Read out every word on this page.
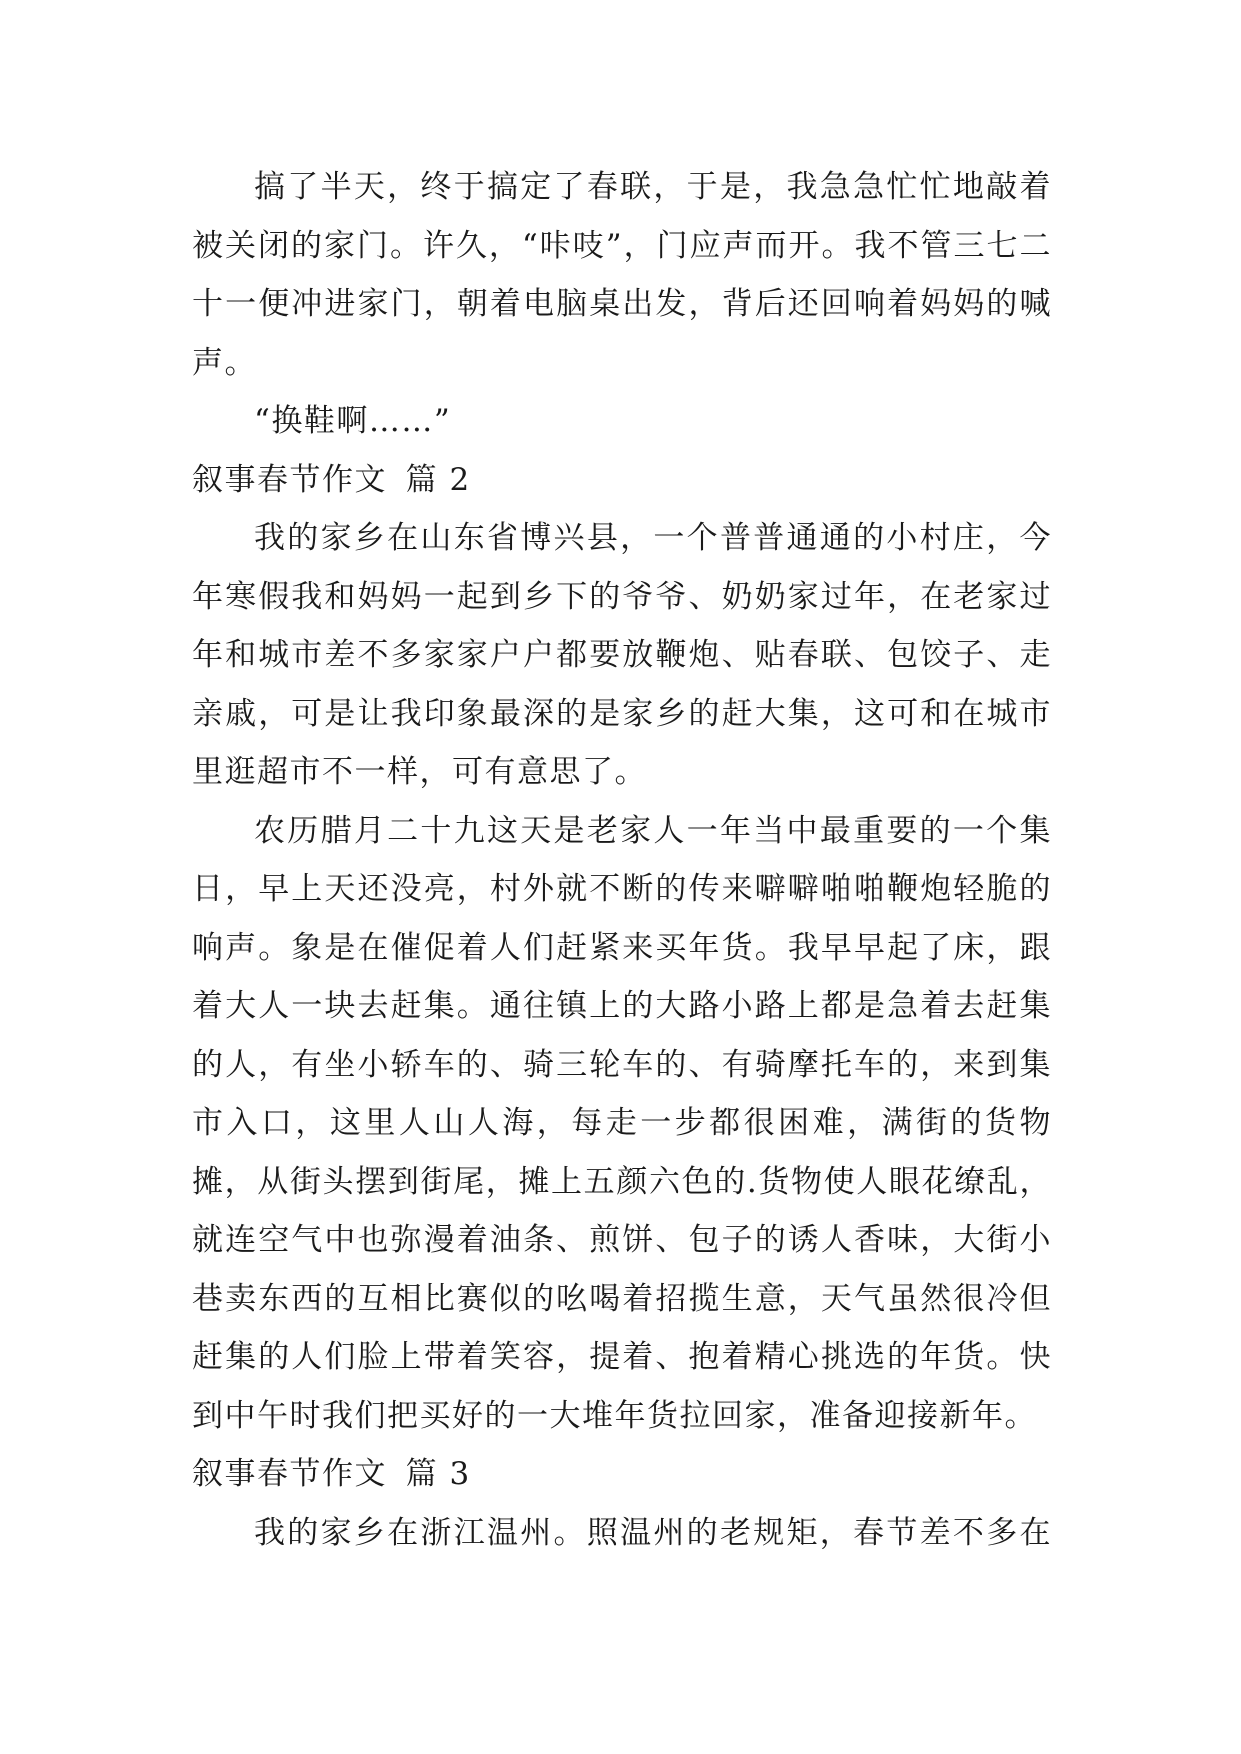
搞了半天，终于搞定了春联，于是，我急急忙忙地敲着被关闭的家门。许久，“咔吱”，门应声而开。我不管三七二十一便冲进家门，朝着电脑桌出发，背后还回响着妈妈的喊声。

“换鞋啊……”

叙事春节作文 篇 2

我的家乡在山东省博兴县，一个普普通通的小村庄，今年寒假我和妈妈一起到乡下的爷爷、奶奶家过年，在老家过年和城市差不多家家户户都要放鞭炮、贴春联、包饺子、走亲戚，可是让我印象最深的是家乡的赶大集，这可和在城市里逛超市不一样，可有意思了。

农历腊月二十九这天是老家人一年当中最重要的一个集日，早上天还没亮，村外就不断的传来噼噼啪啪鞭炮轻脆的响声。象是在催促着人们赶紧来买年货。我早早起了床，跟着大人一块去赶集。通往镇上的大路小路上都是急着去赶集的人，有坐小轿车的、骑三轮车的、有骑摩托车的，来到集市入口，这里人山人海，每走一步都很困难，满街的货物摊，从街头摆到街尾，摊上五颜六色的.货物使人眼花缭乱，就连空气中也弥漫着油条、煎饼、包子的诱人香味，大街小巷卖东西的互相比赛似的吆喝着招揽生意，天气虽然很冷但赶集的人们脸上带着笑容，提着、抱着精心挑选的年货。快到中午时我们把买好的一大堆年货拉回家，准备迎接新年。

叙事春节作文 篇 3

我的家乡在浙江温州。照温州的老规矩，春节差不多在
